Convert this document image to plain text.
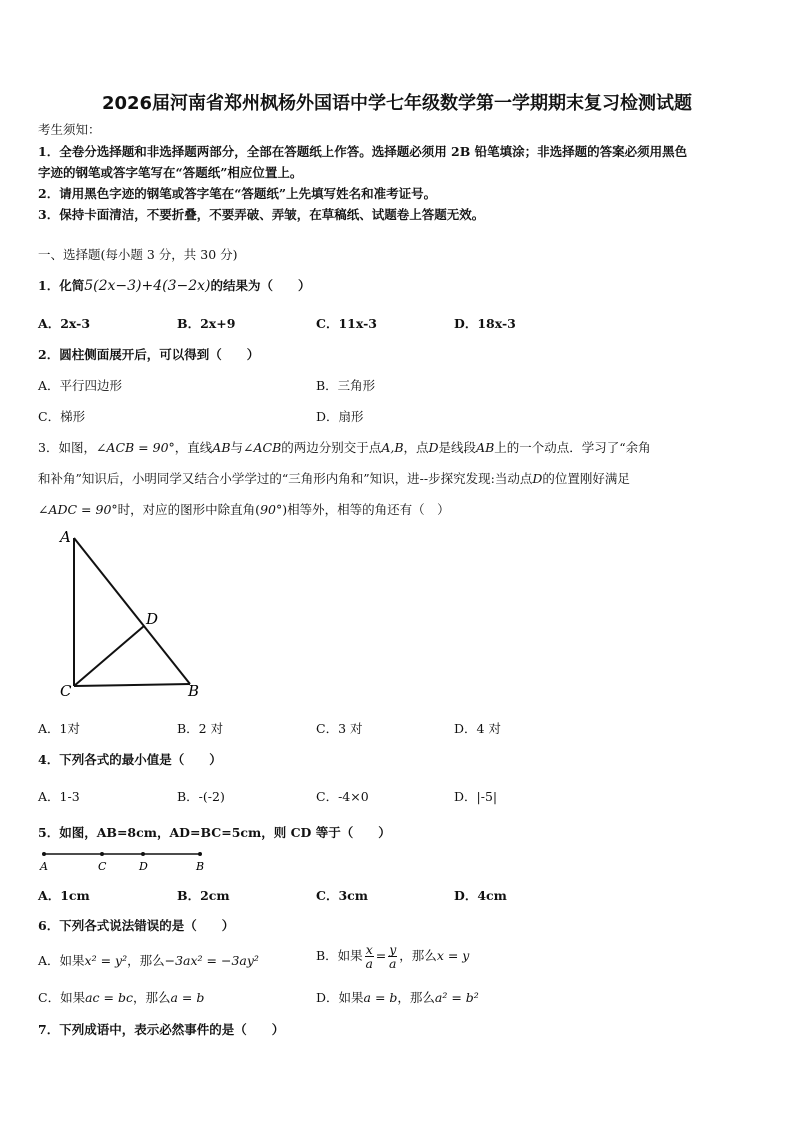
2026届河南省郑州枫杨外国语中学七年级数学第一学期期末复习检测试题
考生须知：
1．全卷分选择题和非选择题两部分，全部在答题纸上作答。选择题必须用 2B 铅笔填涂；非选择题的答案必须用黑色
字迹的钢笔或答字笔写在“答题纸”相应位置上。
2．请用黑色字迹的钢笔或答字笔在“答题纸”上先填写姓名和准考证号。
3．保持卡面清洁，不要折叠，不要弄破、弄皱，在草稿纸、试题卷上答题无效。
一、选择题(每小题 3 分，共 30 分)
1．化简5(2x−3)+4(3−2x)的结果为（　　）
A．2x-3	B．2x+9	C．11x-3	D．18x-3
2．圆柱侧面展开后，可以得到（　　）
A．平行四边形	B．三角形
C．梯形	D．扇形
3．如图，∠ACB = 90°，直线AB与∠ACB的两边分别交于点A,B，点D是线段AB上的一个动点．学习了“余角
和补角”知识后，小明同学又结合小学学过的“三角形内角和”知识，进--步探究发现:当动点D的位置刚好满足
∠ADC = 90°时，对应的图形中除直角(90°)相等外，相等的角还有（　）
A
D
C	B
A．1对	B．2 对	C．3 对	D．4 对
4．下列各式的最小值是（　　）
A．1-3	B．-(-2)	C．-4×0	D．|-5|
5．如图，AB=8cm，AD=BC=5cm，则 CD 等于（　　）
A	C	D	B
A．1cm	B．2cm	C．3cm	D．4cm
6．下列各式说法错误的是（　　）
A．如果x² = y²，那么−3ax² = −3ay²	B．如果 $\frac{x}{a} = \frac{y}{a}$ ，那么x = y
C．如果ac = bc，那么a = b	D．如果a = b，那么a² = b²
7．下列成语中，表示必然事件的是（　　）
